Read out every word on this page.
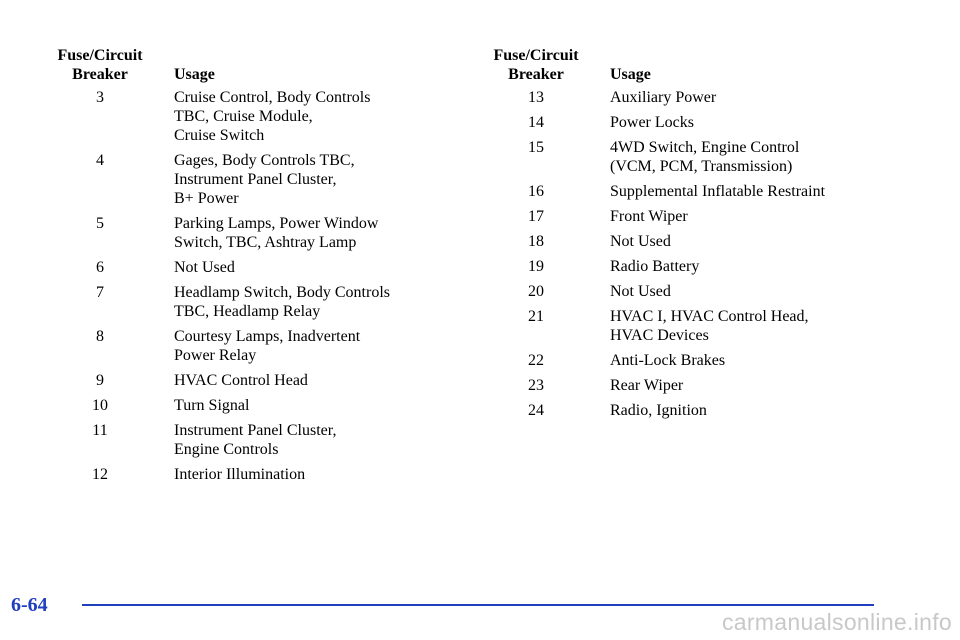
Fuse/Circuit
Breaker	Usage
3	Cruise Control, Body Controls
TBC, Cruise Module,
Cruise Switch
4	Gages, Body Controls TBC,
Instrument Panel Cluster,
B+ Power
5	Parking Lamps, Power Window
Switch, TBC, Ashtray Lamp
6	Not Used
7	Headlamp Switch, Body Controls
TBC, Headlamp Relay
8	Courtesy Lamps, Inadvertent
Power Relay
9	HVAC Control Head
10	Turn Signal
11	Instrument Panel Cluster,
Engine Controls
12	Interior Illumination
Fuse/Circuit
Breaker	Usage
13	Auxiliary Power
14	Power Locks
15	4WD Switch, Engine Control
(VCM, PCM, Transmission)
16	Supplemental Inflatable Restraint
17	Front Wiper
18	Not Used
19	Radio Battery
20	Not Used
21	HVAC I, HVAC Control Head,
HVAC Devices
22	Anti-Lock Brakes
23	Rear Wiper
24	Radio, Ignition
6-64
carmanualsonline.info
